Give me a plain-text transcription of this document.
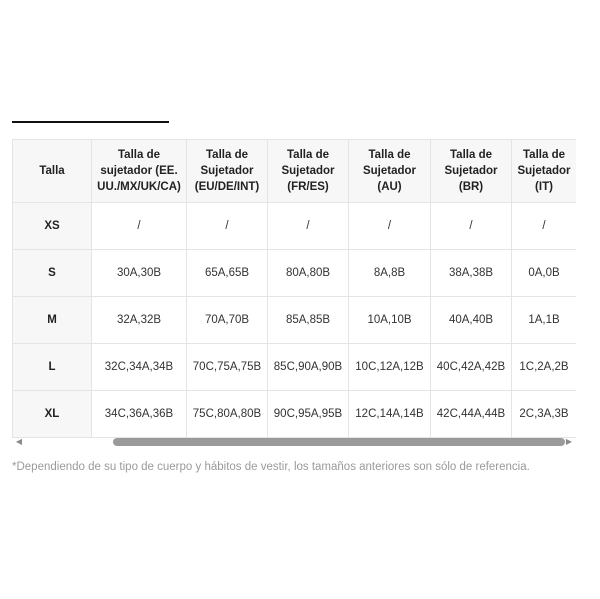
Talla	Talla de sujetador (EE. UU./MX/UK/CA)	Talla de Sujetador (EU/DE/INT)	Talla de Sujetador (FR/ES)	Talla de Sujetador (AU)	Talla de Sujetador (BR)	Talla de Sujetador (IT)
XS	/	/	/	/	/	/
S	30A,30B	65A,65B	80A,80B	8A,8B	38A,38B	0A,0B
M	32A,32B	70A,70B	85A,85B	10A,10B	40A,40B	1A,1B
L	32C,34A,34B	70C,75A,75B	85C,90A,90B	10C,12A,12B	40C,42A,42B	1C,2A,2B
XL	34C,36A,36B	75C,80A,80B	90C,95A,95B	12C,14A,14B	42C,44A,44B	2C,3A,3B
◀	▶
*Dependiendo de su tipo de cuerpo y hábitos de vestir, los tamaños anteriores son sólo de referencia.
